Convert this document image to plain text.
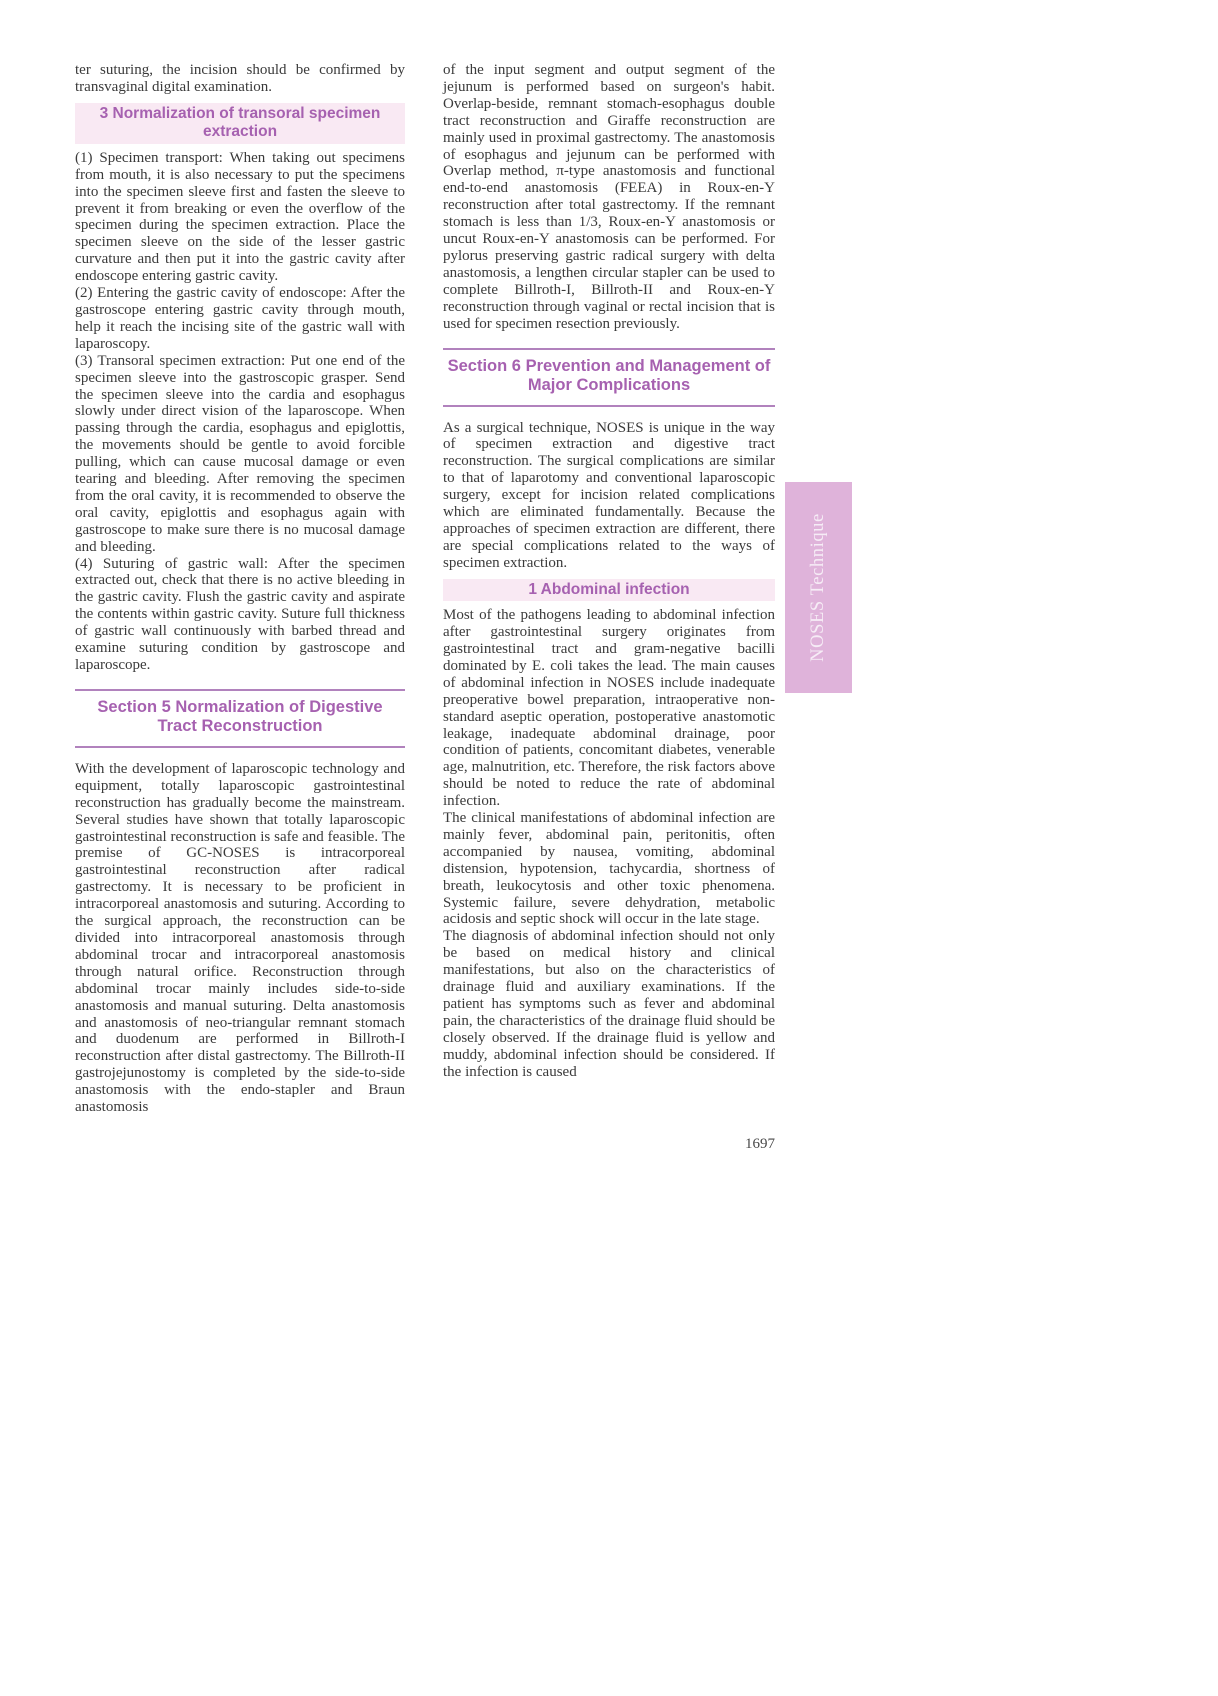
ter suturing, the incision should be confirmed by transvaginal digital examination.

3 Normalization of transoral specimen extraction

(1) Specimen transport: When taking out specimens from mouth, it is also necessary to put the specimens into the specimen sleeve first and fasten the sleeve to prevent it from breaking or even the overflow of the specimen during the specimen extraction. Place the specimen sleeve on the side of the lesser gastric curvature and then put it into the gastric cavity after endoscope entering gastric cavity.

(2) Entering the gastric cavity of endoscope: After the gastroscope entering gastric cavity through mouth, help it reach the incising site of the gastric wall with laparoscopy.

(3) Transoral specimen extraction: Put one end of the specimen sleeve into the gastroscopic grasper. Send the specimen sleeve into the cardia and esophagus slowly under direct vision of the laparoscope. When passing through the cardia, esophagus and epiglottis, the movements should be gentle to avoid forcible pulling, which can cause mucosal damage or even tearing and bleeding. After removing the specimen from the oral cavity, it is recommended to observe the oral cavity, epiglottis and esophagus again with gastroscope to make sure there is no mucosal damage and bleeding.

(4) Suturing of gastric wall: After the specimen extracted out, check that there is no active bleeding in the gastric cavity. Flush the gastric cavity and aspirate the contents within gastric cavity. Suture full thickness of gastric wall continuously with barbed thread and examine suturing condition by gastroscope and laparoscope.

Section 5 Normalization of Digestive Tract Reconstruction

With the development of laparoscopic technology and equipment, totally laparoscopic gastrointestinal reconstruction has gradually become the mainstream. Several studies have shown that totally laparoscopic gastrointestinal reconstruction is safe and feasible. The premise of GC-NOSES is intracorporeal gastrointestinal reconstruction after radical gastrectomy. It is necessary to be proficient in intracorporeal anastomosis and suturing. According to the surgical approach, the reconstruction can be divided into intracorporeal anastomosis through abdominal trocar and intracorporeal anastomosis through natural orifice. Reconstruction through abdominal trocar mainly includes side-to-side anastomosis and manual suturing. Delta anastomosis and anastomosis of neo-triangular remnant stomach and duodenum are performed in Billroth-I reconstruction after distal gastrectomy. The Billroth-II gastrojejunostomy is completed by the side-to-side anastomosis with the endo-stapler and Braun anastomosis

of the input segment and output segment of the jejunum is performed based on surgeon's habit. Overlap-beside, remnant stomach-esophagus double tract reconstruction and Giraffe reconstruction are mainly used in proximal gastrectomy. The anastomosis of esophagus and jejunum can be performed with Overlap method, π-type anastomosis and functional end-to-end anastomosis (FEEA) in Roux-en-Y reconstruction after total gastrectomy. If the remnant stomach is less than 1/3, Roux-en-Y anastomosis or uncut Roux-en-Y anastomosis can be performed. For pylorus preserving gastric radical surgery with delta anastomosis, a lengthen circular stapler can be used to complete Billroth-I, Billroth-II and Roux-en-Y reconstruction through vaginal or rectal incision that is used for specimen resection previously.

Section 6 Prevention and Management of Major Complications

As a surgical technique, NOSES is unique in the way of specimen extraction and digestive tract reconstruction. The surgical complications are similar to that of laparotomy and conventional laparoscopic surgery, except for incision related complications which are eliminated fundamentally. Because the approaches of specimen extraction are different, there are special complications related to the ways of specimen extraction.

1 Abdominal infection

Most of the pathogens leading to abdominal infection after gastrointestinal surgery originates from gastrointestinal tract and gram-negative bacilli dominated by E. coli takes the lead. The main causes of abdominal infection in NOSES include inadequate preoperative bowel preparation, intraoperative non-standard aseptic operation, postoperative anastomotic leakage, inadequate abdominal drainage, poor condition of patients, concomitant diabetes, venerable age, malnutrition, etc. Therefore, the risk factors above should be noted to reduce the rate of abdominal infection.

The clinical manifestations of abdominal infection are mainly fever, abdominal pain, peritonitis, often accompanied by nausea, vomiting, abdominal distension, hypotension, tachycardia, shortness of breath, leukocytosis and other toxic phenomena. Systemic failure, severe dehydration, metabolic acidosis and septic shock will occur in the late stage.

The diagnosis of abdominal infection should not only be based on medical history and clinical manifestations, but also on the characteristics of drainage fluid and auxiliary examinations. If the patient has symptoms such as fever and abdominal pain, the characteristics of the drainage fluid should be closely observed. If the drainage fluid is yellow and muddy, abdominal infection should be considered. If the infection is caused

NOSES Technique
1697
